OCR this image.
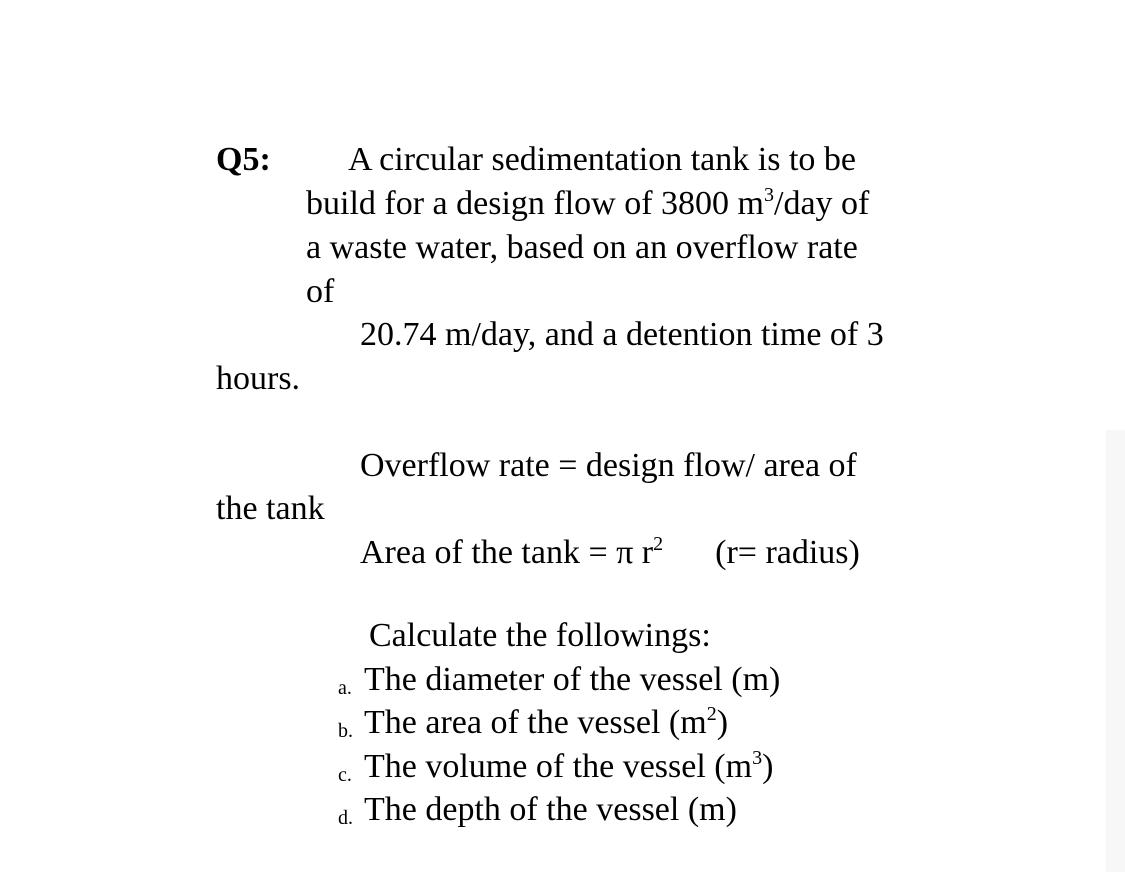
Q5: A circular sedimentation tank is to be
build for a design flow of 3800 $m^3$/day of
a waste water, based on an overflow rate
of
20.74 m/day, and a detention time of 3
hours.
Overflow rate = design flow/ area of
the tank
Area of the tank = π $r^2$ (r= radius)
Calculate the followings:
a. The diameter of the vessel (m)
b. The area of the vessel $(m^2)$
c. The volume of the vessel $(m^3)$
d. The depth of the vessel (m)
